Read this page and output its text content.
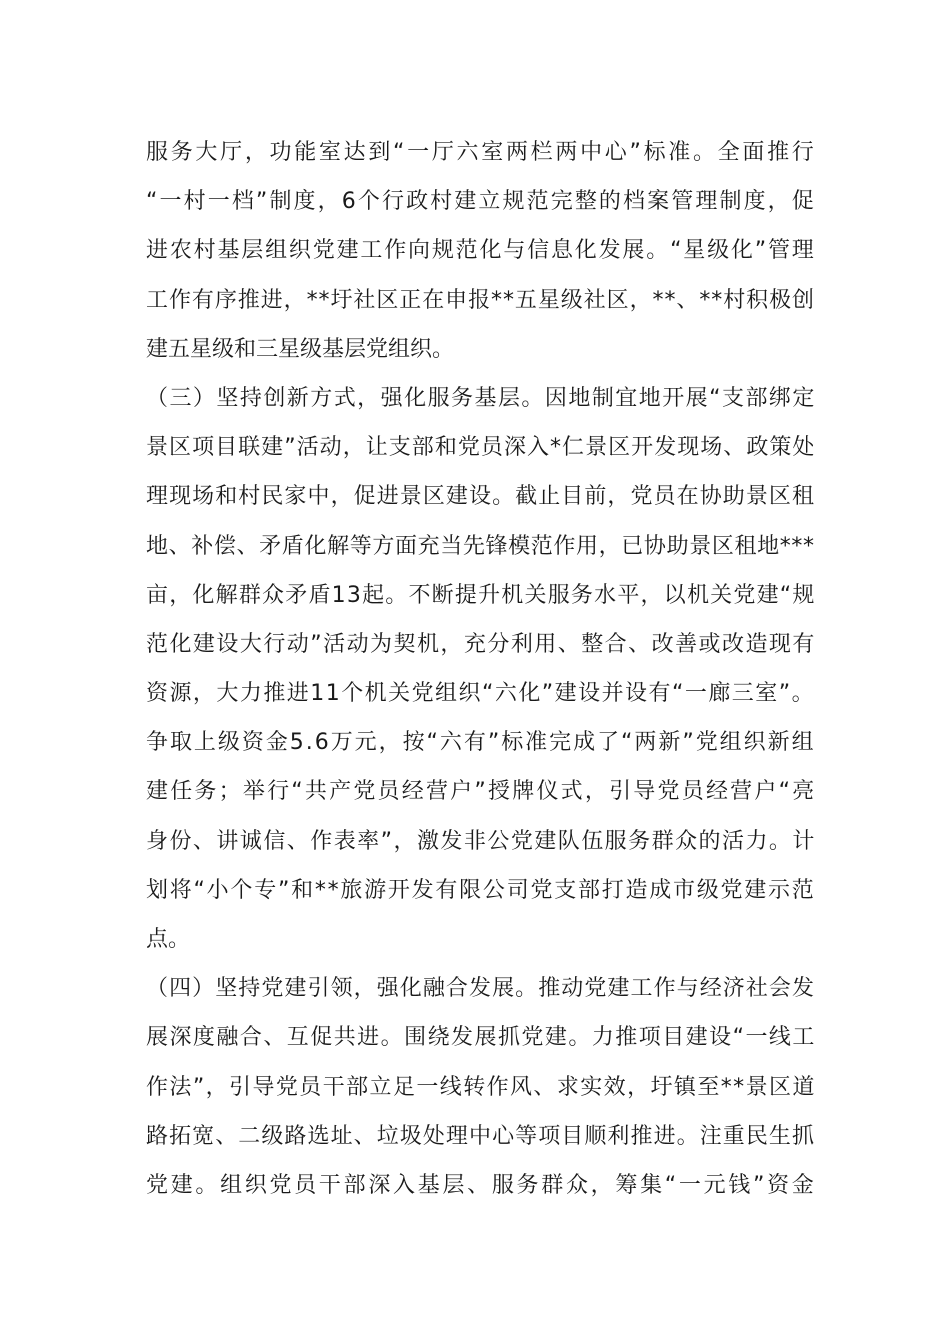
服务大厅，功能室达到“一厅六室两栏两中心”标准。全面推行
“一村一档”制度，6个行政村建立规范完整的档案管理制度，促
进农村基层组织党建工作向规范化与信息化发展。“星级化”管理
工作有序推进，**圩社区正在申报**五星级社区，**、**村积极创
建五星级和三星级基层党组织。
（三）坚持创新方式，强化服务基层。因地制宜地开展“支部绑定
景区项目联建”活动，让支部和党员深入*仁景区开发现场、政策处
理现场和村民家中，促进景区建设。截止目前，党员在协助景区租
地、补偿、矛盾化解等方面充当先锋模范作用，已协助景区租地***
亩，化解群众矛盾13起。不断提升机关服务水平，以机关党建“规
范化建设大行动”活动为契机，充分利用、整合、改善或改造现有
资源，大力推进11个机关党组织“六化”建设并设有“一廊三室”。
争取上级资金5.6万元，按“六有”标准完成了“两新”党组织新组
建任务；举行“共产党员经营户”授牌仪式，引导党员经营户“亮
身份、讲诚信、作表率”，激发非公党建队伍服务群众的活力。计
划将“小个专”和**旅游开发有限公司党支部打造成市级党建示范
点。
（四）坚持党建引领，强化融合发展。推动党建工作与经济社会发
展深度融合、互促共进。围绕发展抓党建。力推项目建设“一线工
作法”，引导党员干部立足一线转作风、求实效，圩镇至**景区道
路拓宽、二级路选址、垃圾处理中心等项目顺利推进。注重民生抓
党建。组织党员干部深入基层、服务群众，筹集“一元钱”资金
